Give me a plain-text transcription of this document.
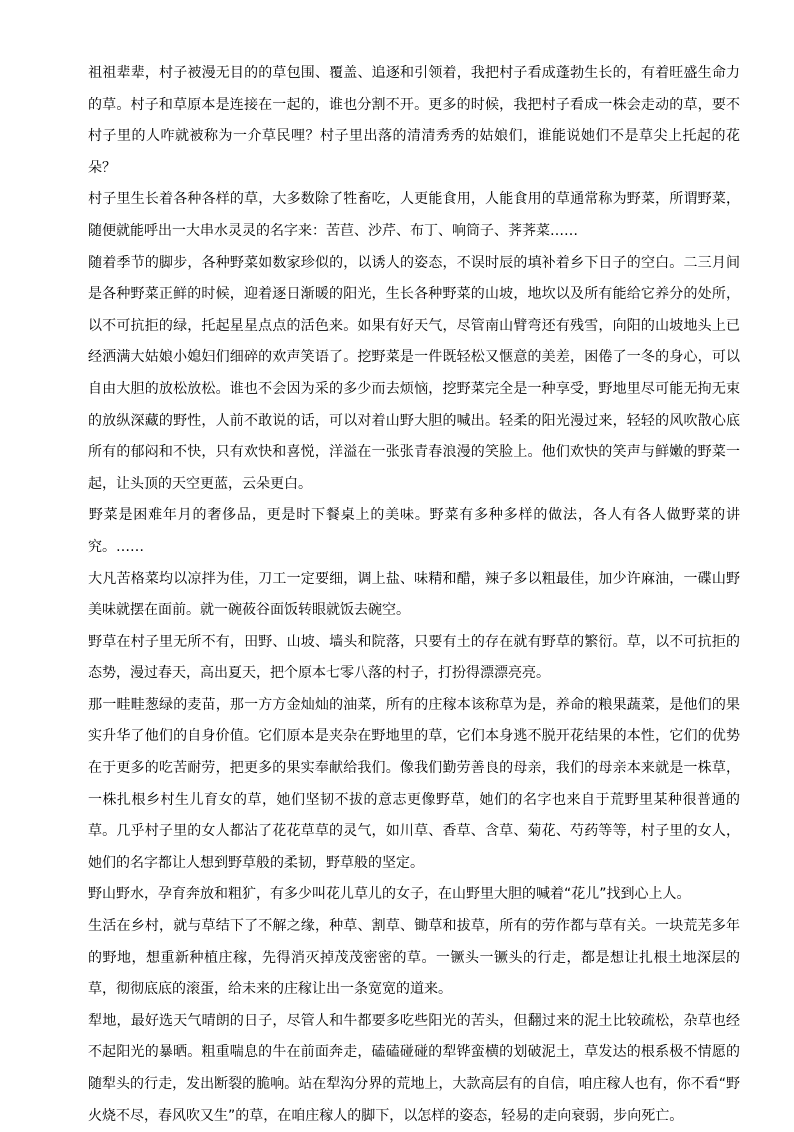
祖祖辈辈，村子被漫无目的的草包围、覆盖、追逐和引领着，我把村子看成蓬勃生长的，有着旺盛生命力的草。村子和草原本是连接在一起的，谁也分割不开。更多的时候，我把村子看成一株会走动的草，要不村子里的人咋就被称为一介草民哩？村子里出落的清清秀秀的姑娘们，谁能说她们不是草尖上托起的花朵？

村子里生长着各种各样的草，大多数除了牲畜吃，人更能食用，人能食用的草通常称为野菜，所谓野菜，随便就能呼出一大串水灵灵的名字来：苦苣、沙芹、布丁、响筒子、荠荠菜……

随着季节的脚步，各种野菜如数家珍似的，以诱人的姿态，不误时辰的填补着乡下日子的空白。二三月间是各种野菜正鲜的时候，迎着逐日渐暖的阳光，生长各种野菜的山坡，地坎以及所有能给它养分的处所，以不可抗拒的绿，托起星星点点的活色来。如果有好天气，尽管南山臂弯还有残雪，向阳的山坡地头上已经洒满大姑娘小媳妇们细碎的欢声笑语了。挖野菜是一件既轻松又惬意的美差，困倦了一冬的身心，可以自由大胆的放松放松。谁也不会因为采的多少而去烦恼，挖野菜完全是一种享受，野地里尽可能无拘无束的放纵深藏的野性，人前不敢说的话，可以对着山野大胆的喊出。轻柔的阳光漫过来，轻轻的风吹散心底所有的郁闷和不快，只有欢快和喜悦，洋溢在一张张青春浪漫的笑脸上。他们欢快的笑声与鲜嫩的野菜一起，让头顶的天空更蓝，云朵更白。

野菜是困难年月的奢侈品，更是时下餐桌上的美味。野菜有多种多样的做法，各人有各人做野菜的讲究。……

大凡苦格菜均以凉拌为佳，刀工一定要细，调上盐、味精和醋，辣子多以粗最佳，加少许麻油，一碟山野美味就摆在面前。就一碗莜谷面饭转眼就饭去碗空。

野草在村子里无所不有，田野、山坡、墙头和院落，只要有土的存在就有野草的繁衍。草，以不可抗拒的态势，漫过春天，高出夏天，把个原本七零八落的村子，打扮得漂漂亮亮。

那一畦畦葱绿的麦苗，那一方方金灿灿的油菜，所有的庄稼本该称草为是，养命的粮果蔬菜，是他们的果实升华了他们的自身价值。它们原本是夹杂在野地里的草，它们本身逃不脱开花结果的本性，它们的优势在于更多的吃苦耐劳，把更多的果实奉献给我们。像我们勤劳善良的母亲，我们的母亲本来就是一株草，一株扎根乡村生儿育女的草，她们坚韧不拔的意志更像野草，她们的名字也来自于荒野里某种很普通的草。几乎村子里的女人都沾了花花草草的灵气，如川草、香草、含草、菊花、芍药等等，村子里的女人，她们的名字都让人想到野草般的柔韧，野草般的坚定。

野山野水，孕育奔放和粗犷，有多少叫花儿草儿的女子，在山野里大胆的喊着“花儿”找到心上人。

生活在乡村，就与草结下了不解之缘，种草、割草、锄草和拔草，所有的劳作都与草有关。一块荒芜多年的野地，想重新种植庄稼，先得消灭掉茂茂密密的草。一镢头一镢头的行走，都是想让扎根土地深层的草，彻彻底底的滚蛋，给未来的庄稼让出一条宽宽的道来。

犁地，最好选天气晴朗的日子，尽管人和牛都要多吃些阳光的苦头，但翻过来的泥土比较疏松，杂草也经不起阳光的暴晒。粗重喘息的牛在前面奔走，磕磕碰碰的犁铧蛮横的划破泥土，草发达的根系极不情愿的随犁头的行走，发出断裂的脆响。站在犁沟分界的荒地上，大款高层有的自信，咱庄稼人也有，你不看“野火烧不尽，春风吹又生”的草，在咱庄稼人的脚下，以怎样的姿态，轻易的走向衰弱，步向死亡。
